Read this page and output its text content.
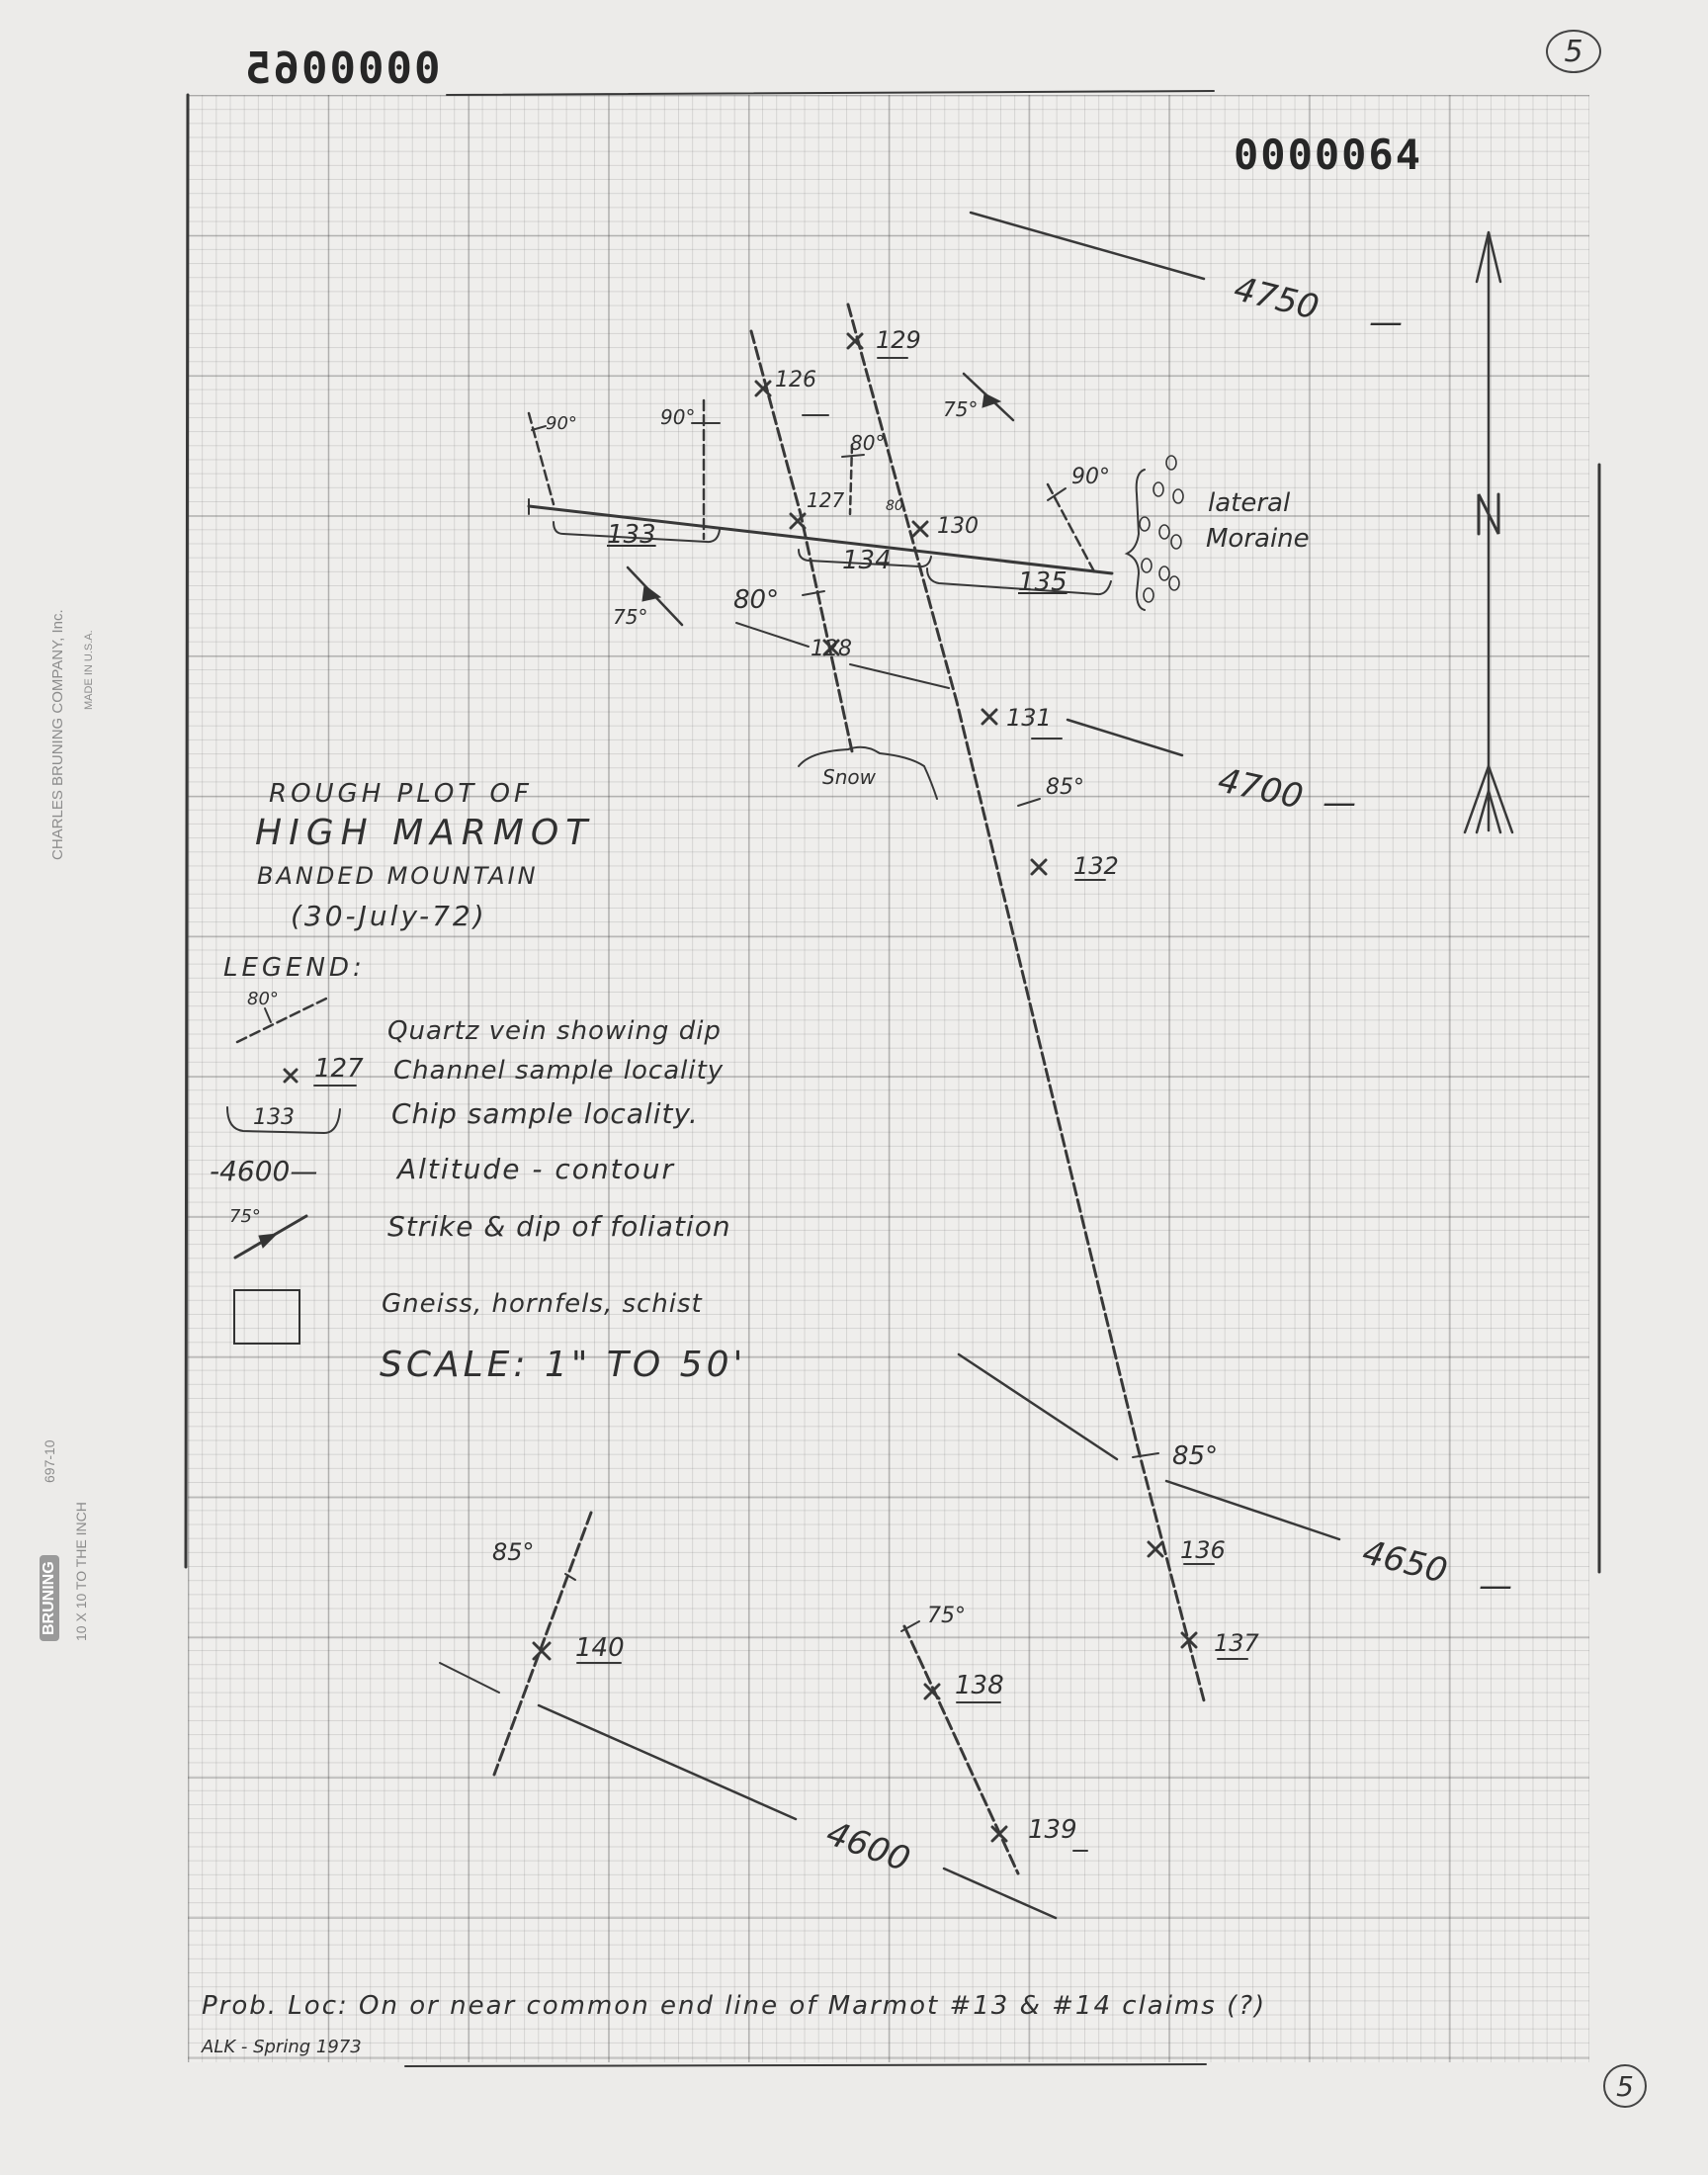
CHARLES BRUNING COMPANY, Inc. MADE IN U.S.A.
BRUNING 10 X 10 TO THE INCH
697-10
0000065
0000064
5
5
4750 —
4700 —
4650 —
4600
126
127
128
129
130
131
132
136
137
138
139
140
133
134
135
90°	90°
90°
80°
80
80°
85°
85°
85°
75°
75°
75°
lateral
Moraine
Snow
ROUGH PLOT OF
HIGH MARMOT
BANDED MOUNTAIN
(30-July-72)
LEGEND:
80°
127
133
-4600—
75°
Quartz vein showing dip
Channel sample locality
Chip sample locality.
Altitude - contour
Strike & dip of foliation
Gneiss, hornfels, schist
SCALE: 1" TO 50'
Prob. Loc: On or near common end line of Marmot #13 & #14 claims (?)
ALK - Spring 1973
